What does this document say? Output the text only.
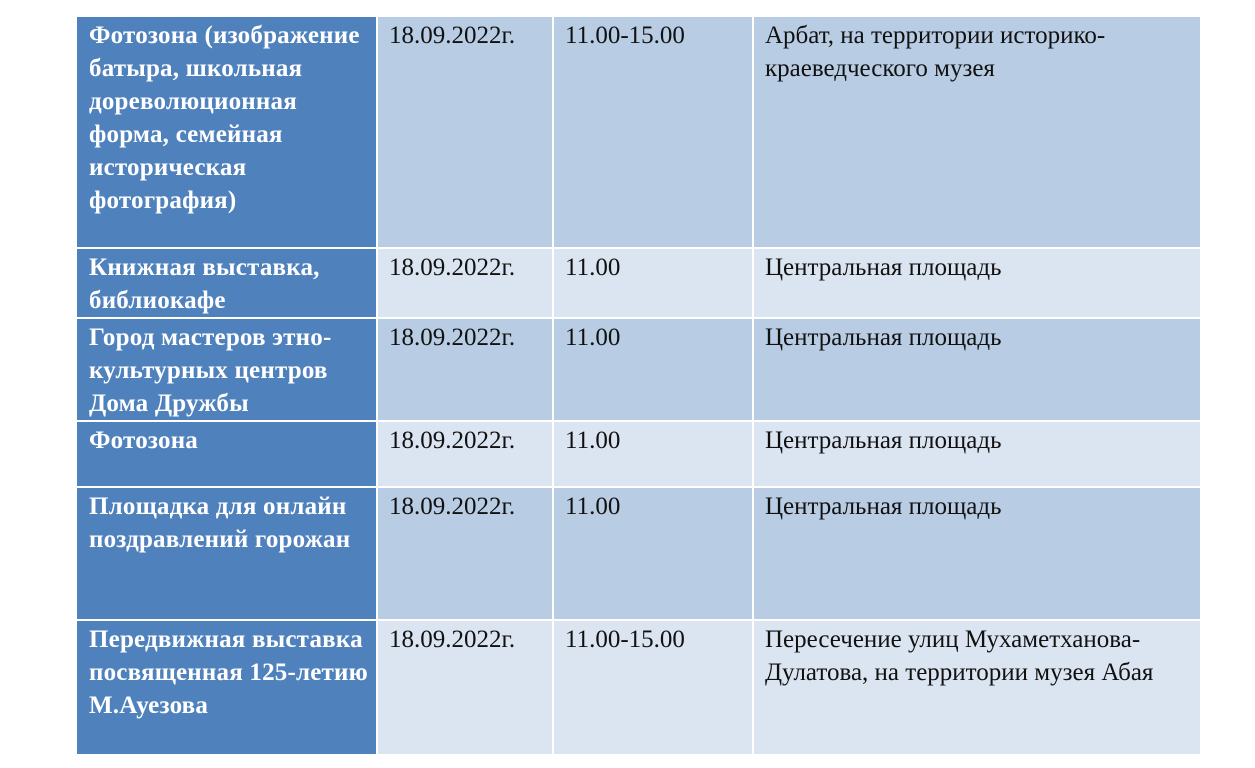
Фотозона (изображение батыра, школьная дореволюционная форма, семейная историческая фотография)	18.09.2022г.	11.00-15.00	Арбат, на территории историко-краеведческого музея
Книжная выставка, библиокафе	18.09.2022г.	11.00	Центральная площадь
Город мастеров этно-культурных центров Дома Дружбы	18.09.2022г.	11.00	Центральная площадь
Фотозона	18.09.2022г.	11.00	Центральная площадь
Площадка для онлайн поздравлений горожан	18.09.2022г.	11.00	Центральная площадь
Передвижная выставка посвященная 125-летию М.Ауезова	18.09.2022г.	11.00-15.00	Пересечение улиц Мухаметханова-Дулатова, на территории музея Абая
